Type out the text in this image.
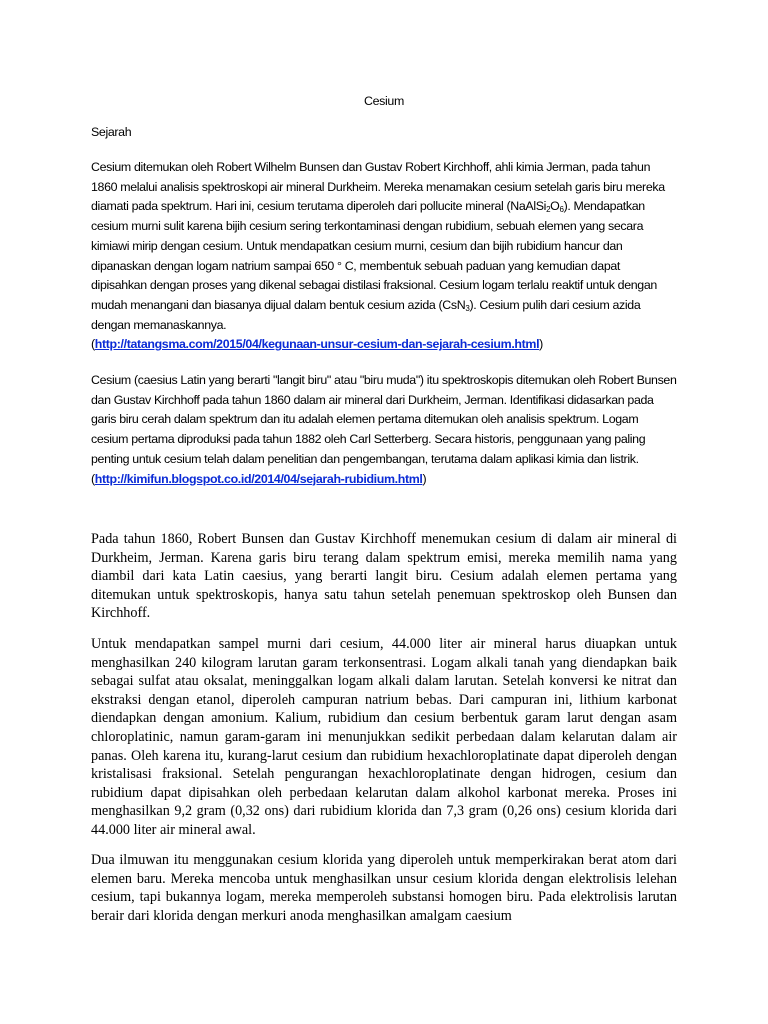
Cesium
Sejarah

Cesium ditemukan oleh Robert Wilhelm Bunsen dan Gustav Robert Kirchhoff, ahli kimia Jerman, pada tahun 1860 melalui analisis spektroskopi air mineral Durkheim. Mereka menamakan cesium setelah garis biru mereka diamati pada spektrum. Hari ini, cesium terutama diperoleh dari pollucite mineral $(NaAlSi_2O_6)$. Mendapatkan cesium murni sulit karena bijih cesium sering terkontaminasi dengan rubidium, sebuah elemen yang secara kimiawi mirip dengan cesium. Untuk mendapatkan cesium murni, cesium dan bijih rubidium hancur dan dipanaskan dengan logam natrium sampai 650 ° C, membentuk sebuah paduan yang kemudian dapat dipisahkan dengan proses yang dikenal sebagai distilasi fraksional. Cesium logam terlalu reaktif untuk dengan mudah menangani dan biasanya dijual dalam bentuk cesium azida (CsN$_3$). Cesium pulih dari cesium azida dengan memanaskannya.
(http://tatangsma.com/2015/04/kegunaan-unsur-cesium-dan-sejarah-cesium.html)

Cesium (caesius Latin yang berarti "langit biru" atau "biru muda") itu spektroskopis ditemukan oleh Robert Bunsen dan Gustav Kirchhoff pada tahun 1860 dalam air mineral dari Durkheim, Jerman. Identifikasi didasarkan pada garis biru cerah dalam spektrum dan itu adalah elemen pertama ditemukan oleh analisis spektrum. Logam cesium pertama diproduksi pada tahun 1882 oleh Carl Setterberg. Secara historis, penggunaan yang paling penting untuk cesium telah dalam penelitian dan pengembangan, terutama dalam aplikasi kimia dan listrik. (http://kimifun.blogspot.co.id/2014/04/sejarah-rubidium.html)

Pada tahun 1860, Robert Bunsen dan Gustav Kirchhoff menemukan cesium di dalam air mineral di Durkheim, Jerman. Karena garis biru terang dalam spektrum emisi, mereka memilih nama yang diambil dari kata Latin caesius, yang berarti langit biru. Cesium adalah elemen pertama yang ditemukan untuk spektroskopis, hanya satu tahun setelah penemuan spektroskop oleh Bunsen dan Kirchhoff.

Untuk mendapatkan sampel murni dari cesium, 44.000 liter air mineral harus diuapkan untuk menghasilkan 240 kilogram larutan garam terkonsentrasi. Logam alkali tanah yang diendapkan baik sebagai sulfat atau oksalat, meninggalkan logam alkali dalam larutan. Setelah konversi ke nitrat dan ekstraksi dengan etanol, diperoleh campuran natrium bebas. Dari campuran ini, lithium karbonat diendapkan dengan amonium. Kalium, rubidium dan cesium berbentuk garam larut dengan asam chloroplatinic, namun garam-garam ini menunjukkan sedikit perbedaan dalam kelarutan dalam air panas. Oleh karena itu, kurang-larut cesium dan rubidium hexachloroplatinate dapat diperoleh dengan kristalisasi fraksional. Setelah pengurangan hexachloroplatinate dengan hidrogen, cesium dan rubidium dapat dipisahkan oleh perbedaan kelarutan dalam alkohol karbonat mereka. Proses ini menghasilkan 9,2 gram (0,32 ons) dari rubidium klorida dan 7,3 gram (0,26 ons) cesium klorida dari 44.000 liter air mineral awal.

Dua ilmuwan itu menggunakan cesium klorida yang diperoleh untuk memperkirakan berat atom dari elemen baru. Mereka mencoba untuk menghasilkan unsur cesium klorida dengan elektrolisis lelehan cesium, tapi bukannya logam, mereka memperoleh substansi homogen biru. Pada elektrolisis larutan berair dari klorida dengan merkuri anoda menghasilkan amalgam caesium
